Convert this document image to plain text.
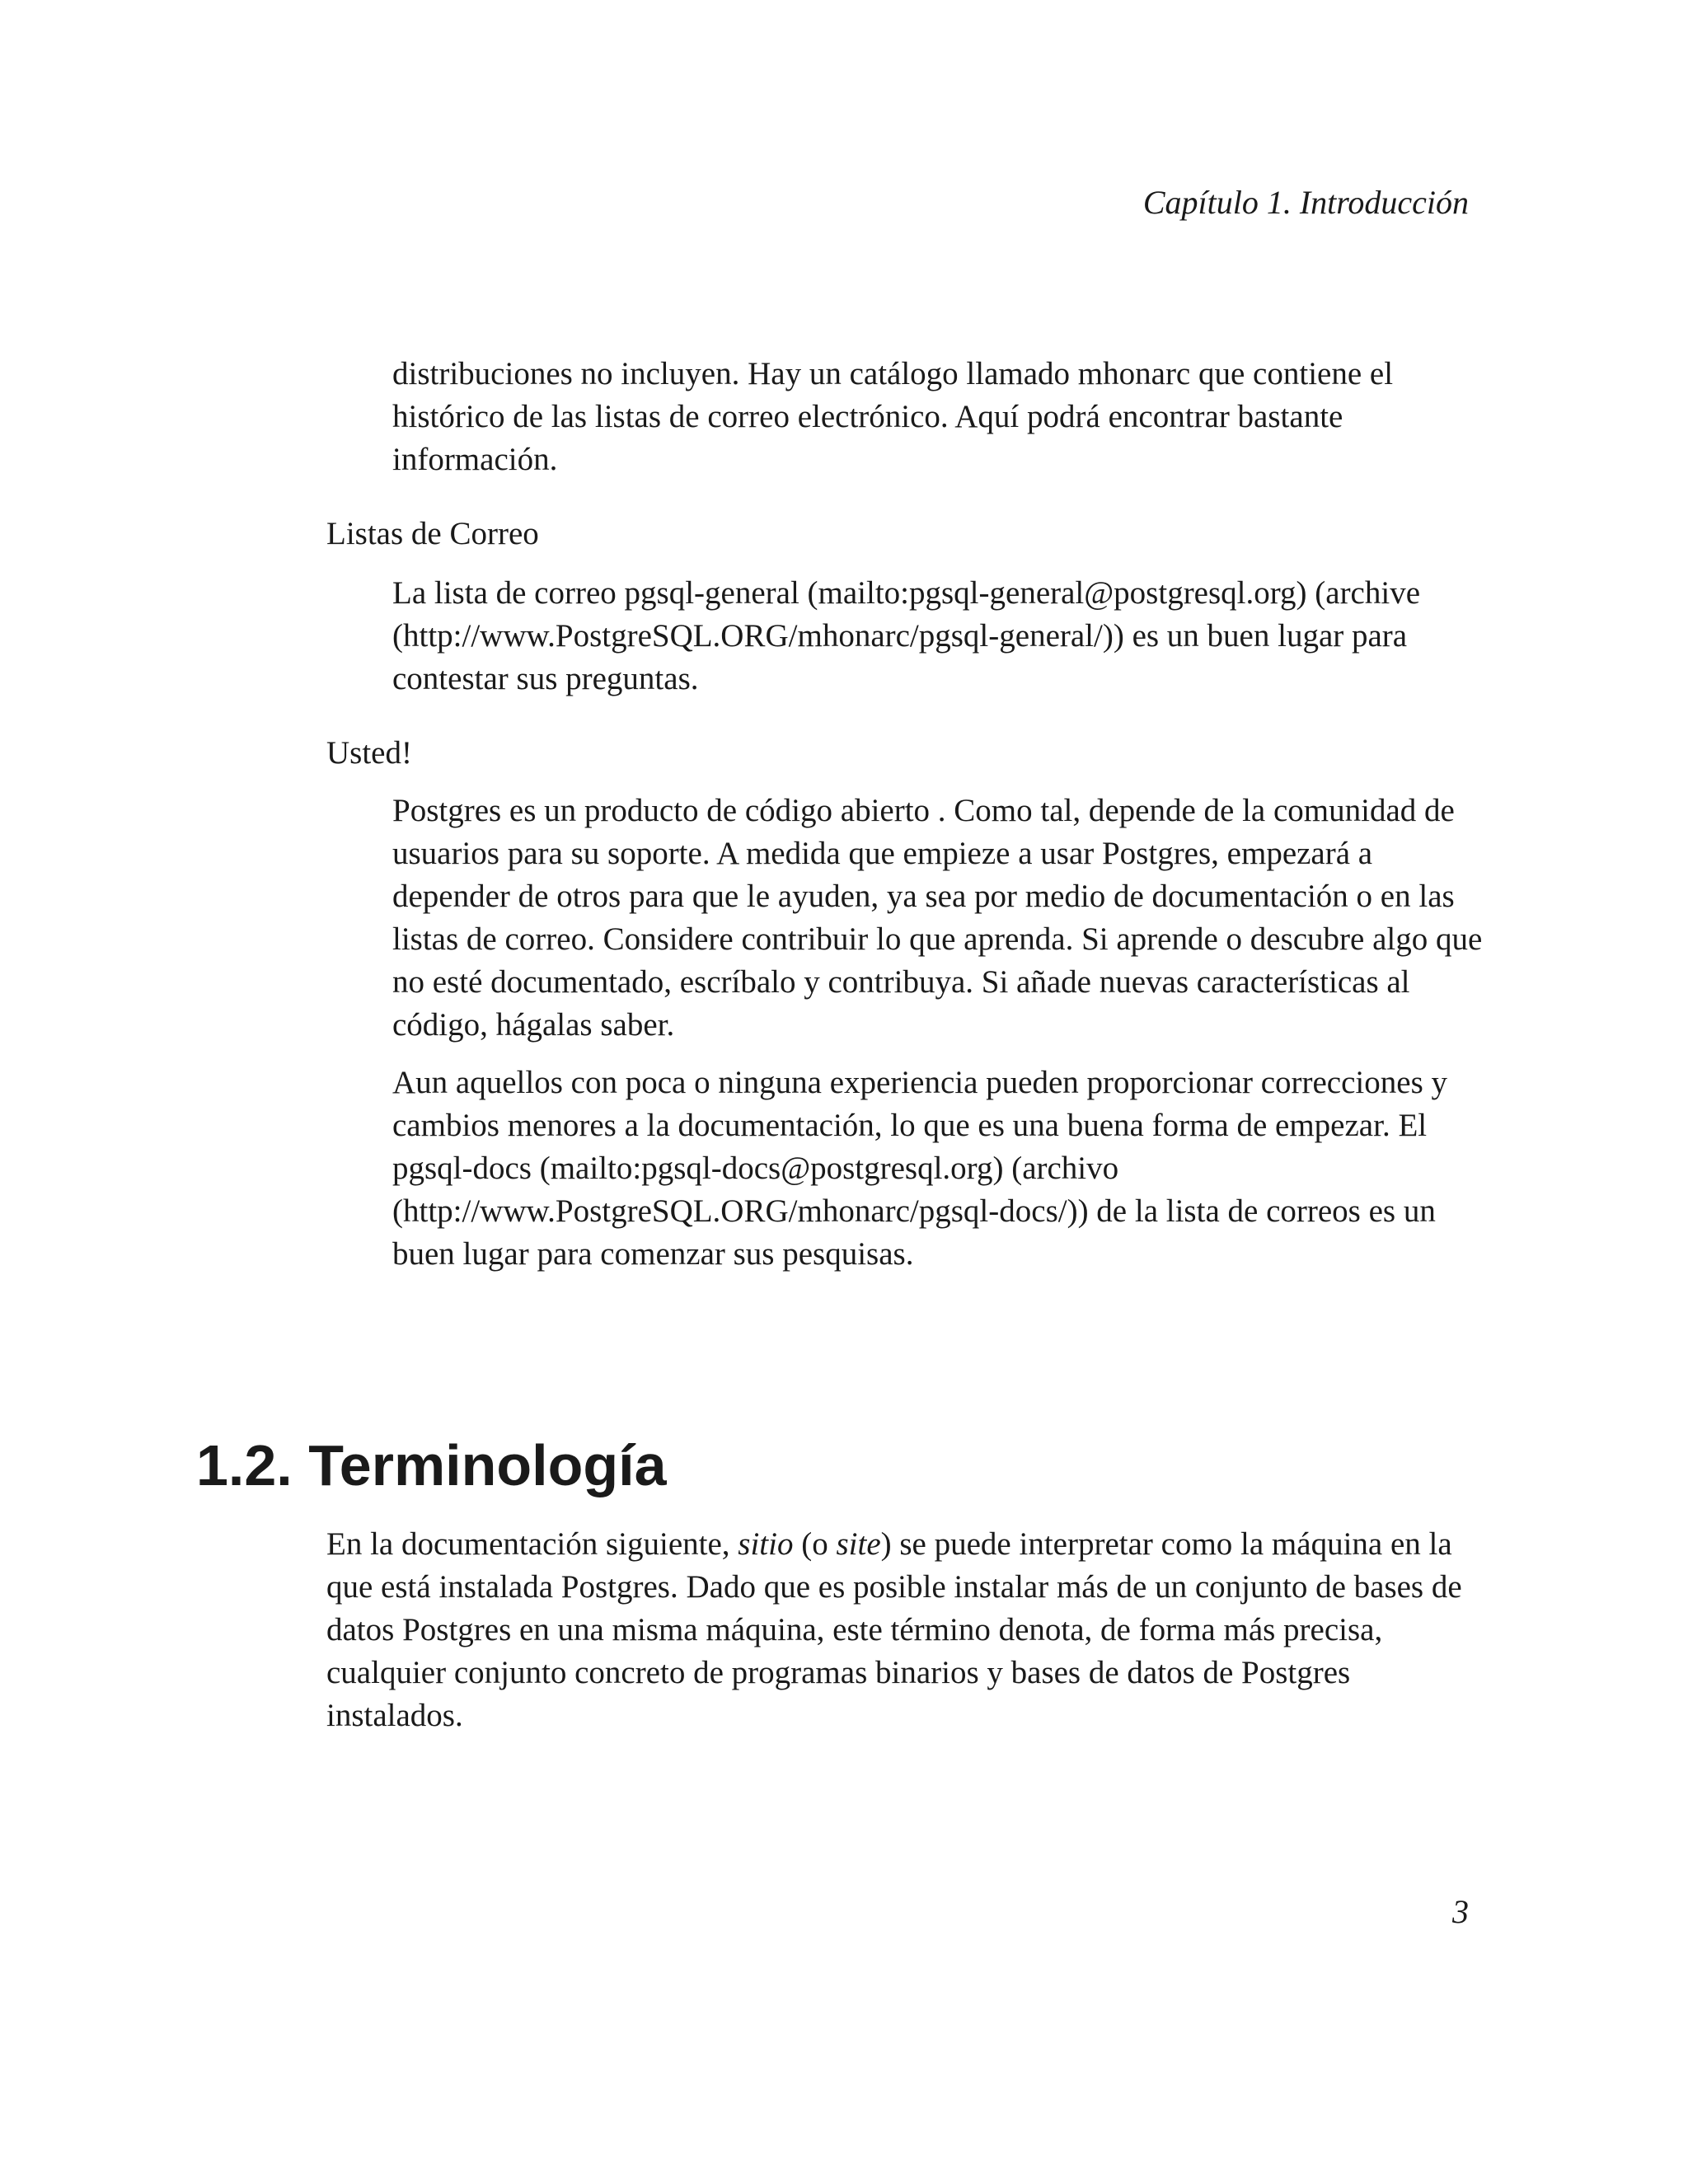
Capítulo 1. Introducción

distribuciones no incluyen. Hay un catálogo llamado mhonarc que contiene el histórico de las listas de correo electrónico. Aquí podrá encontrar bastante información.

Listas de Correo

La lista de correo pgsql-general (mailto:pgsql-general@postgresql.org) (archive (http://www.PostgreSQL.ORG/mhonarc/pgsql-general/)) es un buen lugar para contestar sus preguntas.

Usted!

Postgres es un producto de código abierto . Como tal, depende de la comunidad de usuarios para su soporte. A medida que empieze a usar Postgres, empezará a depender de otros para que le ayuden, ya sea por medio de documentación o en las listas de correo. Considere contribuir lo que aprenda. Si aprende o descubre algo que no esté documentado, escríbalo y contribuya. Si añade nuevas características al código, hágalas saber.

Aun aquellos con poca o ninguna experiencia pueden proporcionar correcciones y cambios menores a la documentación, lo que es una buena forma de empezar. El pgsql-docs (mailto:pgsql-docs@postgresql.org) (archivo (http://www.PostgreSQL.ORG/mhonarc/pgsql-docs/)) de la lista de correos es un buen lugar para comenzar sus pesquisas.

1.2. Terminología

En la documentación siguiente, sitio (o site) se puede interpretar como la máquina en la que está instalada Postgres. Dado que es posible instalar más de un conjunto de bases de datos Postgres en una misma máquina, este término denota, de forma más precisa, cualquier conjunto concreto de programas binarios y bases de datos de Postgres instalados.

3
